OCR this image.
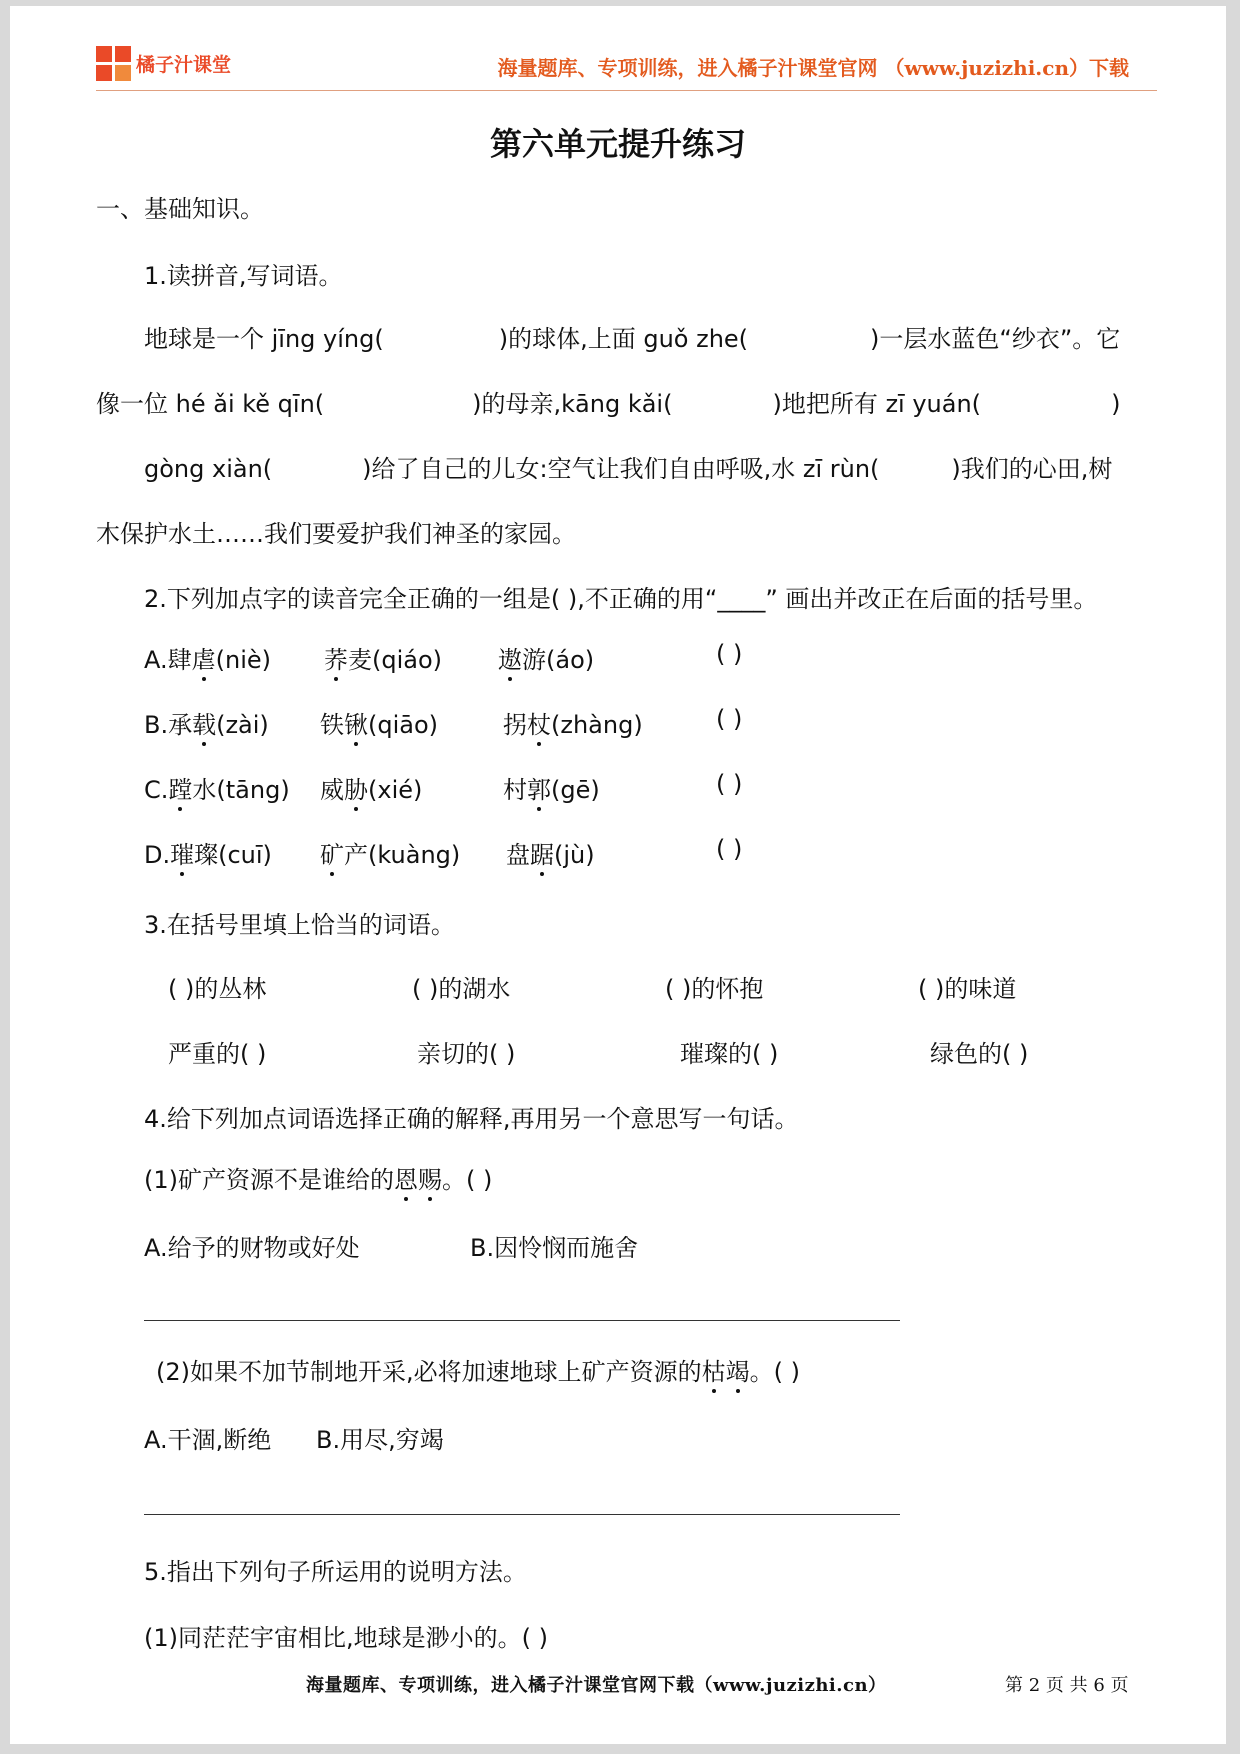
橘子汁课堂	海量题库、专项训练，进入橘子汁课堂官网 （www.juzizhi.cn）下载
第六单元提升练习
一、基础知识。
1.读拼音,写词语。
地球是一个 jīng yíng(	)的球体,上面 guǒ zhe(	)一层水蓝色“纱衣”。它
像一位 hé ǎi kě qīn(	)的母亲,kāng kǎi(	)地把所有 zī yuán(	)
gòng xiàn(	)给了自己的儿女:空气让我们自由呼吸,水 zī rùn(	)我们的心田,树
木保护水土……我们要爱护我们神圣的家园。
2.下列加点字的读音完全正确的一组是( ),不正确的用“____” 画出并改正在后面的括号里。
A.肆虐(niè) 荞麦(qiáo) 遨游(áo)	( )
B.承载(zài) 铁锹(qiāo)	拐杖(zhàng)	( )
C.蹚水(tāng) 威胁(xié)	村郭(gē)	( )
D.璀璨(cuī) 矿产(kuàng) 盘踞(jù)	( )
3.在括号里填上恰当的词语。
( )的丛林	( )的湖水	( )的怀抱	( )的味道
严重的( )	亲切的( )	璀璨的( )	绿色的( )
4.给下列加点词语选择正确的解释,再用另一个意思写一句话。
(1)矿产资源不是谁给的恩赐。( )
A.给予的财物或好处	B.因怜悯而施舍
(2)如果不加节制地开采,必将加速地球上矿产资源的枯竭。( )
A.干涸,断绝 B.用尽,穷竭
5.指出下列句子所运用的说明方法。
(1)同茫茫宇宙相比,地球是渺小的。( )
海量题库、专项训练，进入橘子汁课堂官网下载（www.juzizhi.cn）	第 2 页 共 6 页
